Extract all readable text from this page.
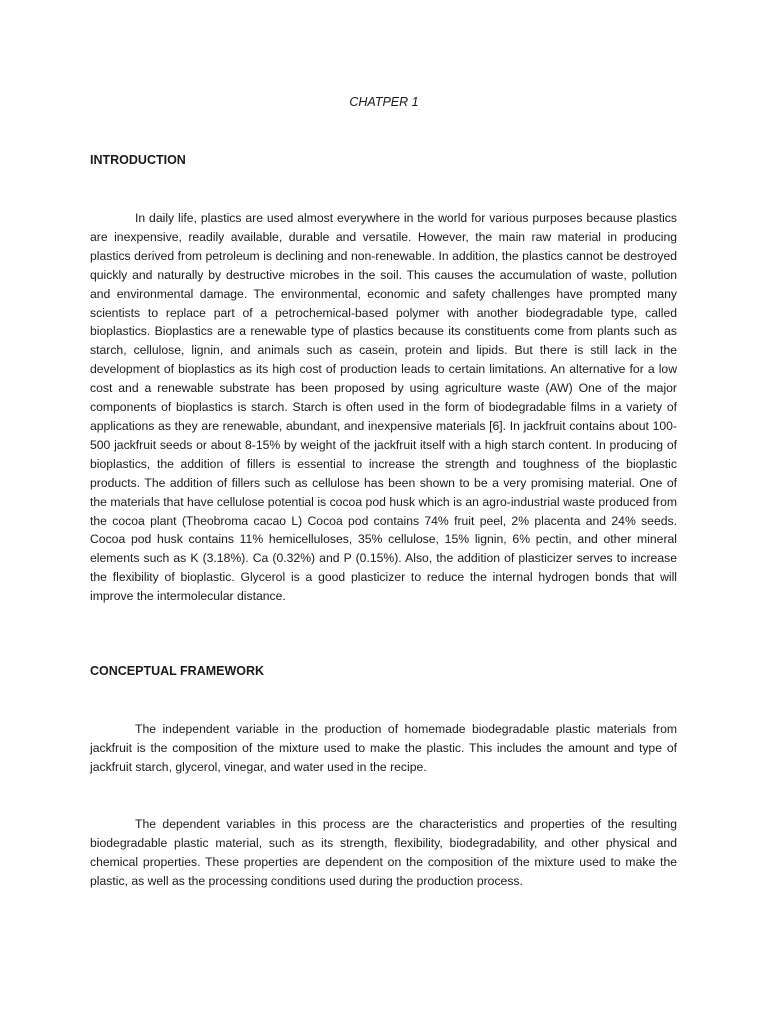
CHATPER 1

INTRODUCTION

In daily life, plastics are used almost everywhere in the world for various purposes because plastics are inexpensive, readily available, durable and versatile. However, the main raw material in producing plastics derived from petroleum is declining and non-renewable. In addition, the plastics cannot be destroyed quickly and naturally by destructive microbes in the soil. This causes the accumulation of waste, pollution and environmental damage. The environmental, economic and safety challenges have prompted many scientists to replace part of a petrochemical-based polymer with another biodegradable type, called bioplastics. Bioplastics are a renewable type of plastics because its constituents come from plants such as starch, cellulose, lignin, and animals such as casein, protein and lipids. But there is still lack in the development of bioplastics as its high cost of production leads to certain limitations. An alternative for a low cost and a renewable substrate has been proposed by using agriculture waste (AW) One of the major components of bioplastics is starch. Starch is often used in the form of biodegradable films in a variety of applications as they are renewable, abundant, and inexpensive materials [6]. In jackfruit contains about 100-500 jackfruit seeds or about 8-15% by weight of the jackfruit itself with a high starch content. In producing of bioplastics, the addition of fillers is essential to increase the strength and toughness of the bioplastic products. The addition of fillers such as cellulose has been shown to be a very promising material. One of the materials that have cellulose potential is cocoa pod husk which is an agro-industrial waste produced from the cocoa plant (Theobroma cacao L) Cocoa pod contains 74% fruit peel, 2% placenta and 24% seeds. Cocoa pod husk contains 11% hemicelluloses, 35% cellulose, 15% lignin, 6% pectin, and other mineral elements such as K (3.18%). Ca (0.32%) and P (0.15%). Also, the addition of plasticizer serves to increase the flexibility of bioplastic. Glycerol is a good plasticizer to reduce the internal hydrogen bonds that will improve the intermolecular distance.

CONCEPTUAL FRAMEWORK

The independent variable in the production of homemade biodegradable plastic materials from jackfruit is the composition of the mixture used to make the plastic. This includes the amount and type of jackfruit starch, glycerol, vinegar, and water used in the recipe.

The dependent variables in this process are the characteristics and properties of the resulting biodegradable plastic material, such as its strength, flexibility, biodegradability, and other physical and chemical properties. These properties are dependent on the composition of the mixture used to make the plastic, as well as the processing conditions used during the production process.
